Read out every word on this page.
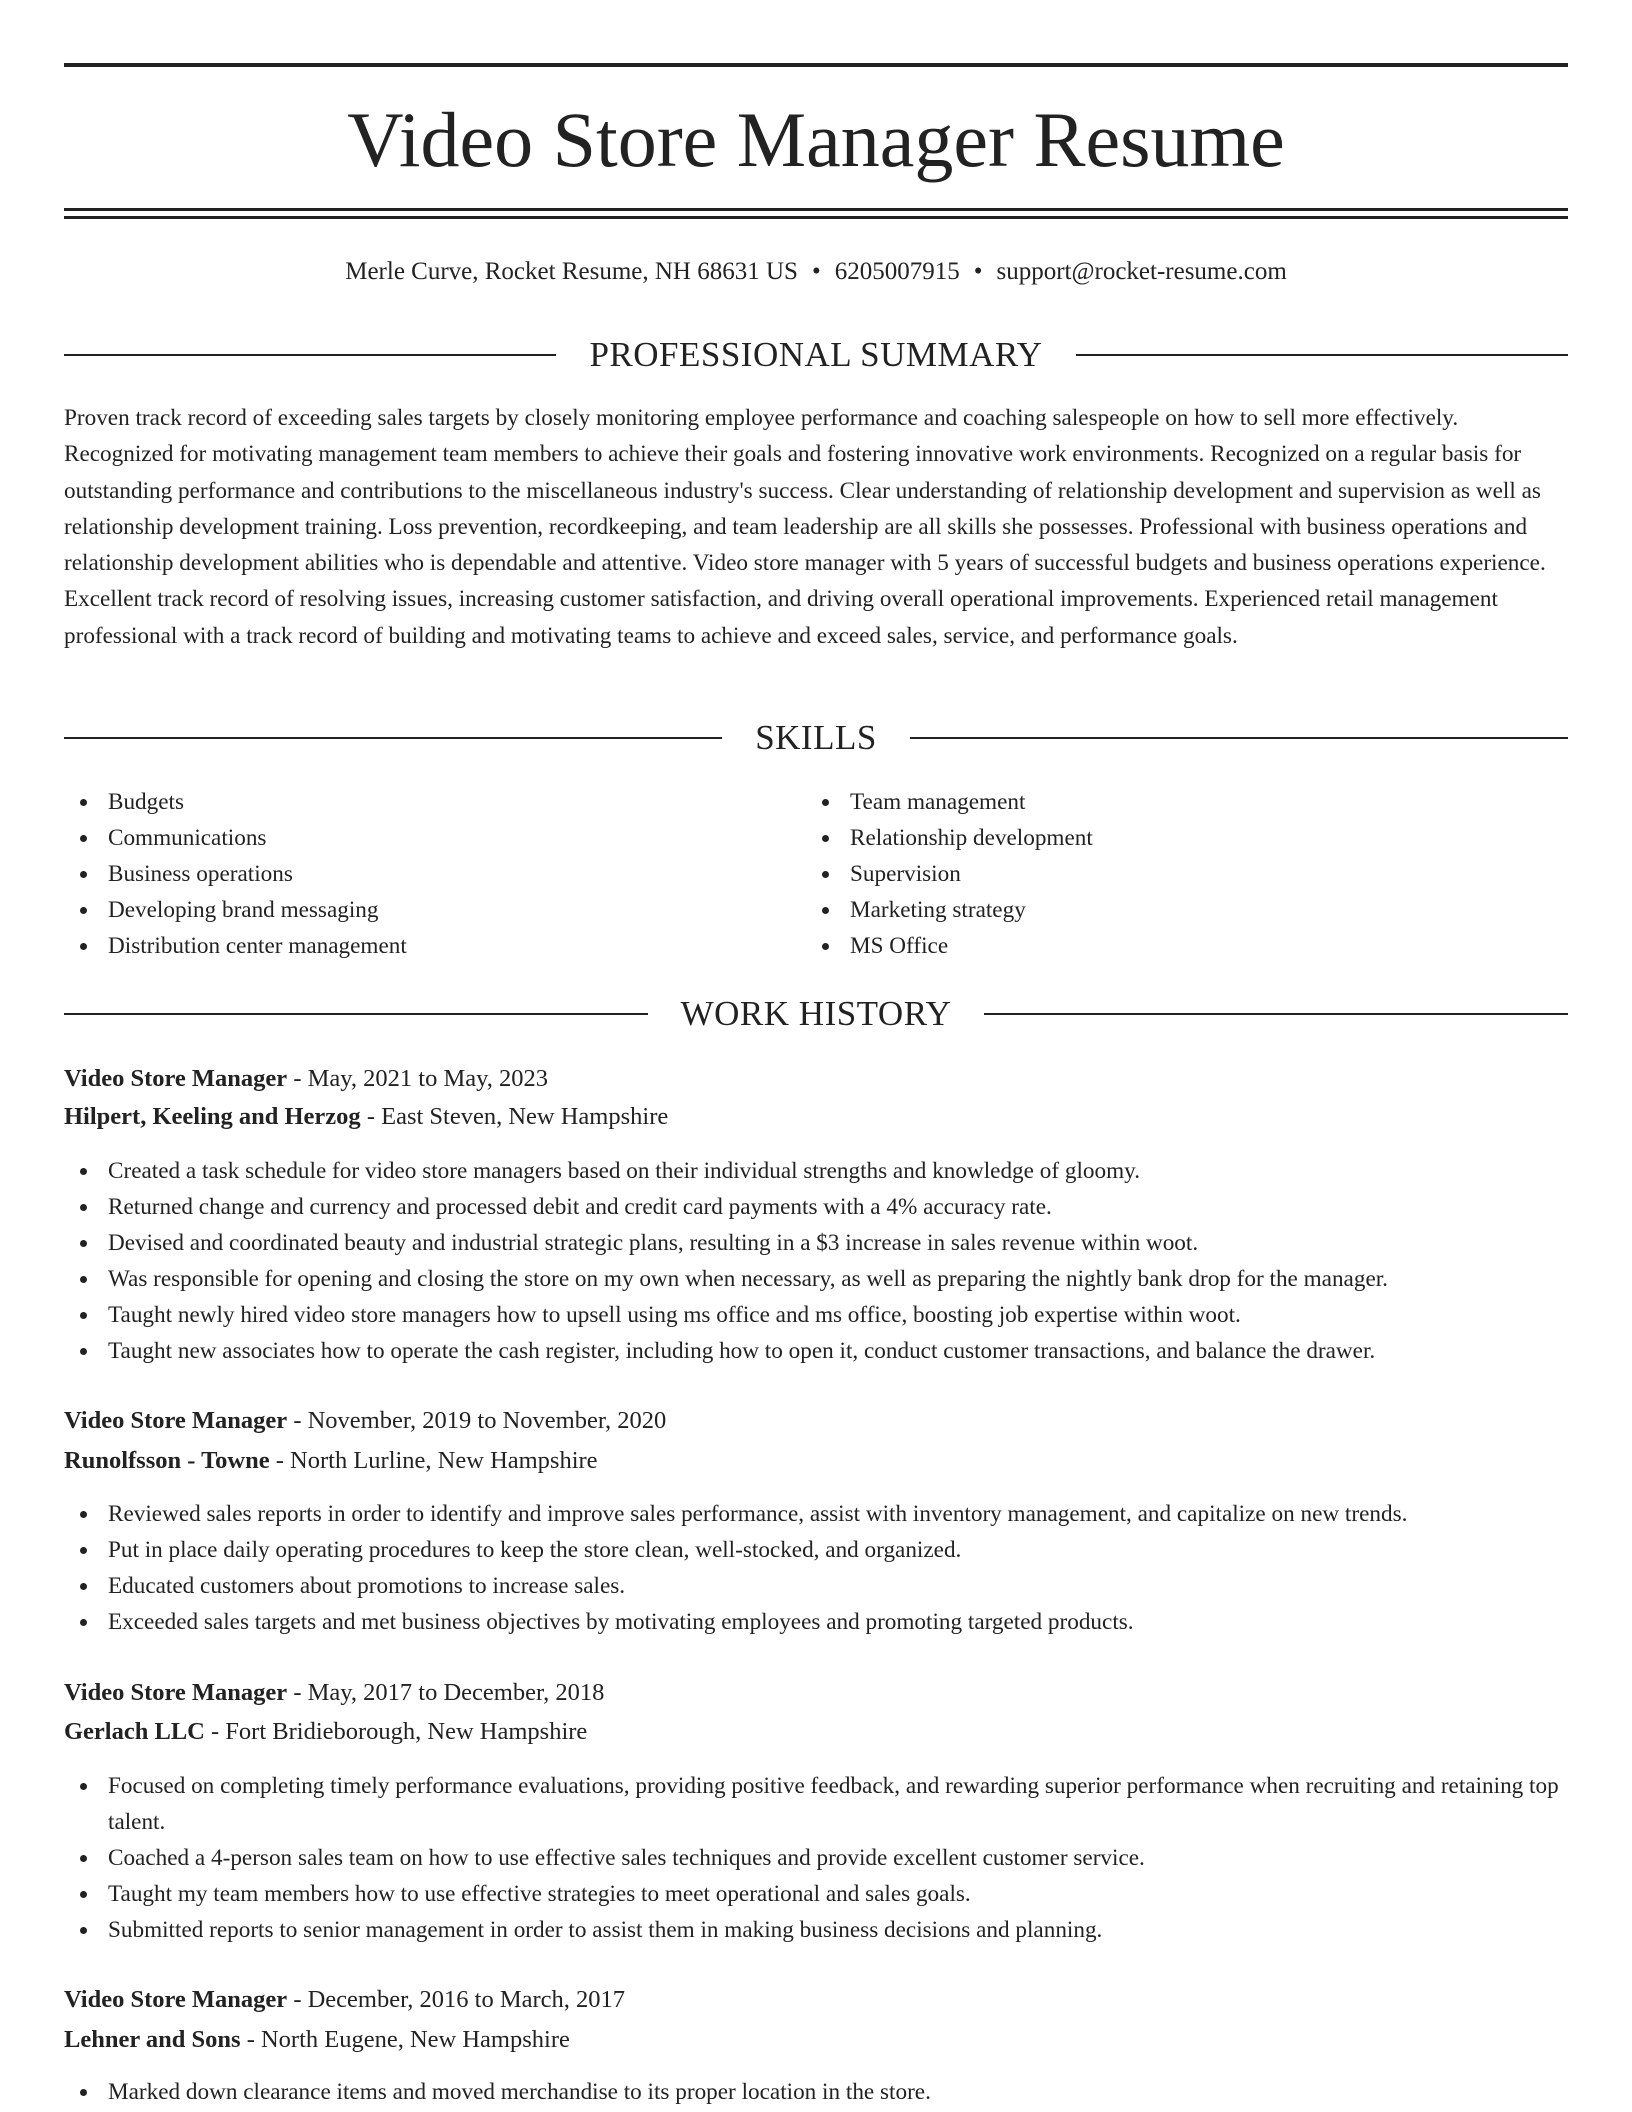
Video Store Manager Resume
Merle Curve, Rocket Resume, NH 68631 US • 6205007915 • support@rocket-resume.com
PROFESSIONAL SUMMARY

Proven track record of exceeding sales targets by closely monitoring employee performance and coaching salespeople on how to sell more effectively. Recognized for motivating management team members to achieve their goals and fostering innovative work environments. Recognized on a regular basis for outstanding performance and contributions to the miscellaneous industry's success. Clear understanding of relationship development and supervision as well as relationship development training. Loss prevention, recordkeeping, and team leadership are all skills she possesses. Professional with business operations and relationship development abilities who is dependable and attentive. Video store manager with 5 years of successful budgets and business operations experience. Excellent track record of resolving issues, increasing customer satisfaction, and driving overall operational improvements. Experienced retail management professional with a track record of building and motivating teams to achieve and exceed sales, service, and performance goals.

SKILLS
Budgets
Communications
Business operations
Developing brand messaging
Distribution center management
Team management
Relationship development
Supervision
Marketing strategy
MS Office
WORK HISTORY

Video Store Manager - May, 2021 to May, 2023

Hilpert, Keeling and Herzog - East Steven, New Hampshire

Created a task schedule for video store managers based on their individual strengths and knowledge of gloomy.
Returned change and currency and processed debit and credit card payments with a 4% accuracy rate.
Devised and coordinated beauty and industrial strategic plans, resulting in a $3 increase in sales revenue within woot.
Was responsible for opening and closing the store on my own when necessary, as well as preparing the nightly bank drop for the manager.
Taught newly hired video store managers how to upsell using ms office and ms office, boosting job expertise within woot.
Taught new associates how to operate the cash register, including how to open it, conduct customer transactions, and balance the drawer.

Video Store Manager - November, 2019 to November, 2020

Runolfsson - Towne - North Lurline, New Hampshire

Reviewed sales reports in order to identify and improve sales performance, assist with inventory management, and capitalize on new trends.
Put in place daily operating procedures to keep the store clean, well-stocked, and organized.
Educated customers about promotions to increase sales.
Exceeded sales targets and met business objectives by motivating employees and promoting targeted products.

Video Store Manager - May, 2017 to December, 2018

Gerlach LLC - Fort Bridieborough, New Hampshire

Focused on completing timely performance evaluations, providing positive feedback, and rewarding superior performance when recruiting and retaining top talent.
Coached a 4-person sales team on how to use effective sales techniques and provide excellent customer service.
Taught my team members how to use effective strategies to meet operational and sales goals.
Submitted reports to senior management in order to assist them in making business decisions and planning.

Video Store Manager - December, 2016 to March, 2017

Lehner and Sons - North Eugene, New Hampshire

Marked down clearance items and moved merchandise to its proper location in the store.
